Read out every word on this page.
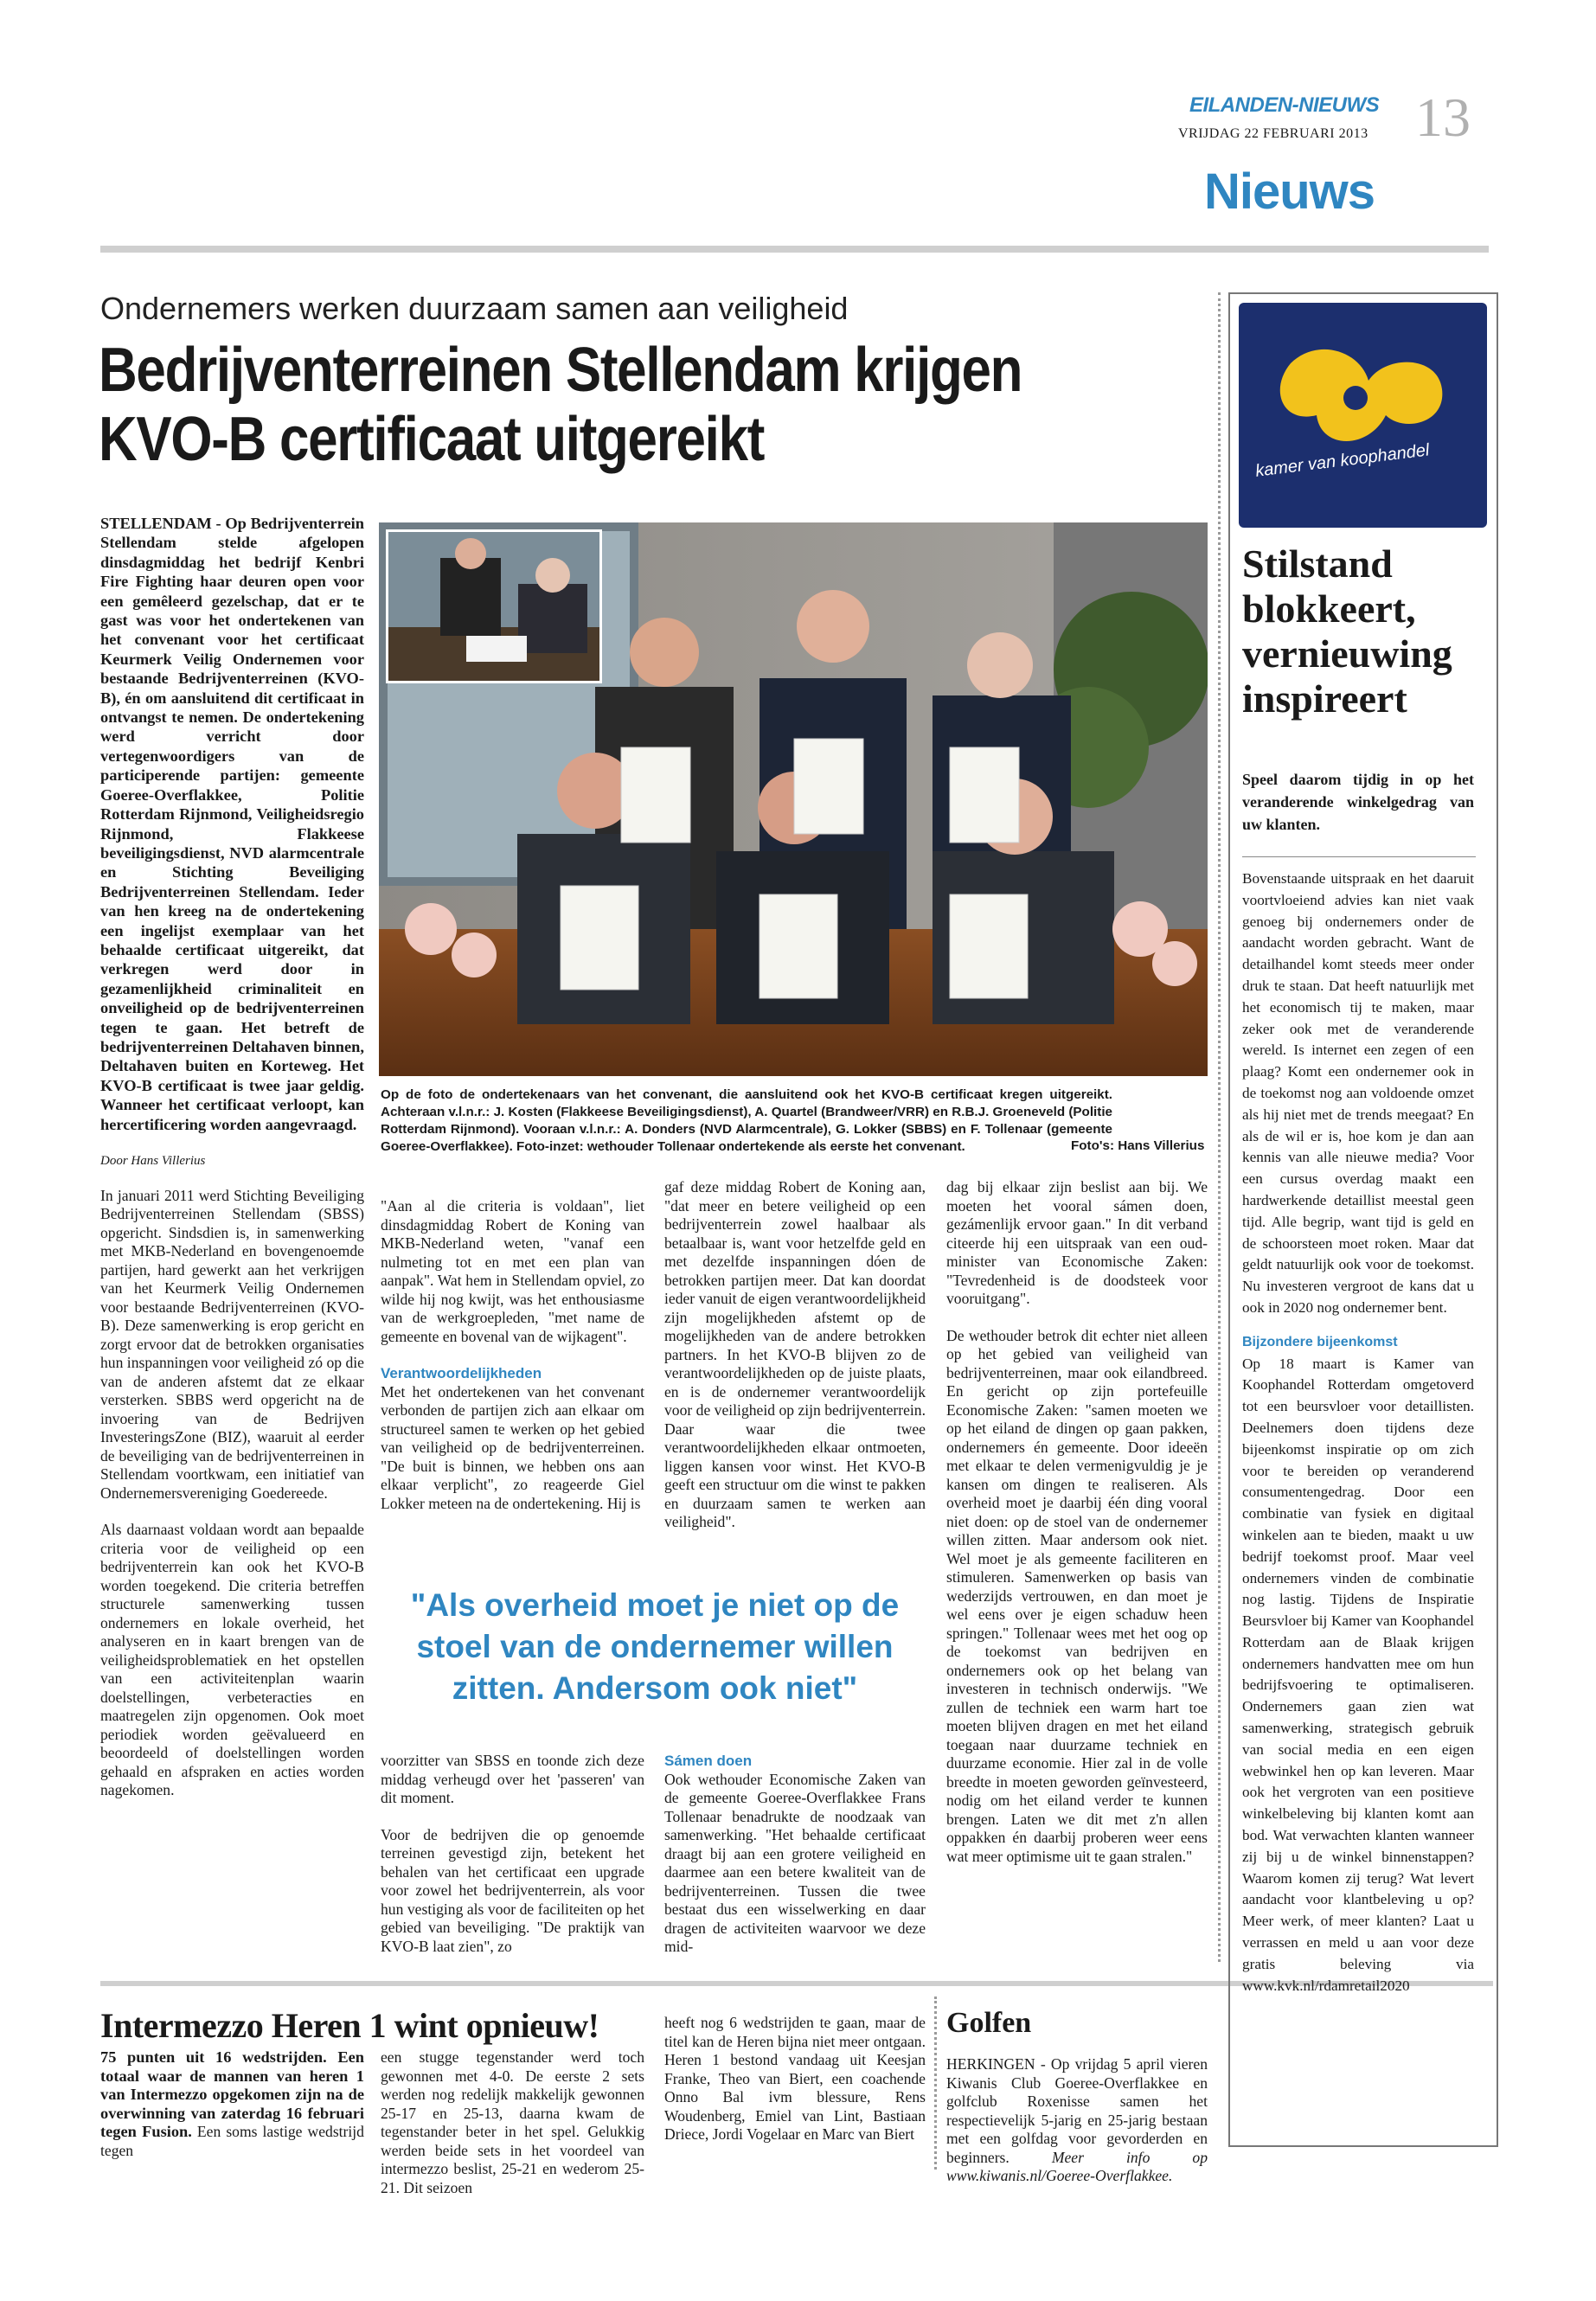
EILANDEN-NIEUWS
VRIJDAG 22 FEBRUARI 2013 13
Nieuws
Ondernemers werken duurzaam samen aan veiligheid
Bedrijventerreinen Stellendam krijgen
KVO-B certificaat uitgereikt

STELLENDAM - Op Bedrijventerrein Stellendam stelde afgelopen dinsdagmiddag het bedrijf Kenbri Fire Fighting haar deuren open voor een gemêleerd gezelschap, dat er te gast was voor het ondertekenen van het convenant voor het certificaat Keurmerk Veilig Ondernemen voor bestaande Bedrijventerreinen (KVO-B), én om aansluitend dit certificaat in ontvangst te nemen. De ondertekening werd verricht door vertegenwoordigers van de participerende partijen: gemeente Goeree-Overflakkee, Politie Rotterdam Rijnmond, Veiligheidsregio Rijnmond, Flakkeese beveiligingsdienst, NVD alarmcentrale en Stichting Beveiliging Bedrijventerreinen Stellendam. Ieder van hen kreeg na de ondertekening een ingelijst exemplaar van het behaalde certificaat uitgereikt, dat verkregen werd door in gezamenlijkheid criminaliteit en onveiligheid op de bedrijventerreinen tegen te gaan. Het betreft de bedrijventerreinen Deltahaven binnen, Deltahaven buiten en Korteweg. Het KVO-B certificaat is twee jaar geldig. Wanneer het certificaat verloopt, kan hercertificering worden aangevraagd.

Door Hans Villerius

In januari 2011 werd Stichting Beveiliging Bedrijventerreinen Stellendam (SBSS) opgericht. Sindsdien is, in samenwerking met MKB-Nederland en bovengenoemde partijen, hard gewerkt aan het verkrijgen van het Keurmerk Veilig Ondernemen voor bestaande Bedrijventerreinen (KVO-B). Deze samenwerking is erop gericht en zorgt ervoor dat de betrokken organisaties hun inspanningen voor veiligheid zó op die van de anderen afstemt dat ze elkaar versterken. SBBS werd opgericht na de invoering van de Bedrijven InvesteringsZone (BIZ), waaruit al eerder de beveiliging van de bedrijventerreinen in Stellendam voortkwam, een initiatief van Ondernemersvereniging Goedereede.

Als daarnaast voldaan wordt aan bepaalde criteria voor de veiligheid op een bedrijventerrein kan ook het KVO-B worden toegekend. Die criteria betreffen structurele samenwerking tussen ondernemers en lokale overheid, het analyseren en in kaart brengen van de veiligheidsproblematiek en het opstellen van een activiteitenplan waarin doelstellingen, verbeteracties en maatregelen zijn opgenomen. Ook moet periodiek worden geëvalueerd en beoordeeld of doelstellingen worden gehaald en afspraken en acties worden nagekomen.

Op de foto de ondertekenaars van het convenant, die aansluitend ook het KVO-B certificaat kregen uitgereikt. Achteraan v.l.n.r.: J. Kosten (Flakkeese Beveiligingsdienst), A. Quartel (Brandweer/VRR) en R.B.J. Groeneveld (Politie Rotterdam Rijnmond). Vooraan v.l.n.r.: A. Donders (NVD Alarmcentrale), G. Lokker (SBBS) en F. Tollenaar (gemeente Goeree-Overflakkee). Foto-inzet: wethouder Tollenaar ondertekende als eerste het convenant.	Foto's: Hans Villerius

"Aan al die criteria is voldaan", liet dinsdagmiddag Robert de Koning van MKB-Nederland weten, "vanaf een nulmeting tot en met een plan van aanpak". Wat hem in Stellendam opviel, zo wilde hij nog kwijt, was het enthousiasme van de werkgroepleden, "met name de gemeente en bovenal van de wijkagent".

Verantwoordelijkheden

Met het ondertekenen van het convenant verbonden de partijen zich aan elkaar om structureel samen te werken op het gebied van veiligheid op de bedrijventerreinen. "De buit is binnen, we hebben ons aan elkaar verplicht", zo reageerde Giel Lokker meteen na de ondertekening. Hij is

voorzitter van SBSS en toonde zich deze middag verheugd over het 'passeren' van dit moment.

Voor de bedrijven die op genoemde terreinen gevestigd zijn, betekent het behalen van het certificaat een upgrade voor zowel het bedrijventerrein, als voor hun vestiging als voor de faciliteiten op het gebied van beveiliging. "De praktijk van KVO-B laat zien", zo

gaf deze middag Robert de Koning aan, "dat meer en betere veiligheid op een bedrijventerrein zowel haalbaar als betaalbaar is, want voor hetzelfde geld en met dezelfde inspanningen dóen de betrokken partijen meer. Dat kan doordat ieder vanuit de eigen verantwoordelijkheid zijn mogelijkheden afstemt op de mogelijkheden van de andere betrokken partners. In het KVO-B blijven zo de verantwoordelijkheden op de juiste plaats, en is de ondernemer verantwoordelijk voor de veiligheid op zijn bedrijventerrein. Daar waar die twee verantwoordelijkheden elkaar ontmoeten, liggen kansen voor winst. Het KVO-B geeft een structuur om die winst te pakken en duurzaam samen te werken aan veiligheid".

Sámen doen

Ook wethouder Economische Zaken van de gemeente Goeree-Overflakkee Frans Tollenaar benadrukte de noodzaak van samenwerking. "Het behaalde certificaat draagt bij aan een grotere veiligheid en daarmee aan een betere kwaliteit van de bedrijventerreinen. Tussen die twee bestaat dus een wisselwerking en daar dragen de activiteiten waarvoor we deze mid-

dag bij elkaar zijn beslist aan bij. We moeten het vooral sámen doen, gezámenlijk ervoor gaan." In dit verband citeerde hij een uitspraak van een oud-minister van Economische Zaken: "Tevredenheid is de doodsteek voor vooruitgang".

De wethouder betrok dit echter niet alleen op het gebied van veiligheid van bedrijventerreinen, maar ook eilandbreed. En gericht op zijn portefeuille Economische Zaken: "samen moeten we op het eiland de dingen op gaan pakken, ondernemers én gemeente. Door ideeën met elkaar te delen vermenigvuldig je je kansen om dingen te realiseren. Als overheid moet je daarbij één ding vooral niet doen: op de stoel van de ondernemer willen zitten. Maar andersom ook niet. Wel moet je als gemeente faciliteren en stimuleren. Samenwerken op basis van wederzijds vertrouwen, en dan moet je wel eens over je eigen schaduw heen springen." Tollenaar wees met het oog op de toekomst van bedrijven en ondernemers ook op het belang van investeren in technisch onderwijs. "We zullen de techniek een warm hart toe moeten blijven dragen en met het eiland toegaan naar duurzame techniek en duurzame economie. Hier zal in de volle breedte in moeten geworden geïnvesteerd, nodig om het eiland verder te kunnen brengen. Laten we dit met z'n allen oppakken én daarbij proberen weer eens wat meer optimisme uit te gaan stralen."

"Als overheid moet je niet op de stoel van de ondernemer willen zitten. Andersom ook niet"
kamer van koophandel
Stilstand blokkeert, vernieuwing inspireert
Speel daarom tijdig in op het veranderende winkelgedrag van uw klanten.

Bovenstaande uitspraak en het daaruit voortvloeiend advies kan niet vaak genoeg bij ondernemers onder de aandacht worden gebracht. Want de detailhandel komt steeds meer onder druk te staan. Dat heeft natuurlijk met het economisch tij te maken, maar zeker ook met de veranderende wereld. Is internet een zegen of een plaag? Komt een ondernemer ook in de toekomst nog aan voldoende omzet als hij niet met de trends meegaat? En als de wil er is, hoe kom je dan aan kennis van alle nieuwe media? Voor een cursus overdag maakt een hardwerkende detaillist meestal geen tijd. Alle begrip, want tijd is geld en de schoorsteen moet roken. Maar dat geldt natuurlijk ook voor de toekomst. Nu investeren vergroot de kans dat u ook in 2020 nog ondernemer bent.

Bijzondere bijeenkomst

Op 18 maart is Kamer van Koophandel Rotterdam omgetoverd tot een beursvloer voor detaillisten. Deelnemers doen tijdens deze bijeenkomst inspiratie op om zich voor te bereiden op veranderend consumentengedrag. Door een combinatie van fysiek en digitaal winkelen aan te bieden, maakt u uw bedrijf toekomst proof. Maar veel ondernemers vinden de combinatie nog lastig. Tijdens de Inspiratie Beursvloer bij Kamer van Koophandel Rotterdam aan de Blaak krijgen ondernemers handvatten mee om hun bedrijfsvoering te optimaliseren. Ondernemers gaan zien wat samenwerking, strategisch gebruik van social media en een eigen webwinkel hen op kan leveren. Maar ook het vergroten van een positieve winkelbeleving bij klanten komt aan bod. Wat verwachten klanten wanneer zij bij u de winkel binnenstappen? Waarom komen zij terug? Wat levert aandacht voor klantbeleving u op? Meer werk, of meer klanten? Laat u verrassen en meld u aan voor deze gratis beleving via www.kvk.nl/rdamretail2020

Intermezzo Heren 1 wint opnieuw!
75 punten uit 16 wedstrijden. Een totaal waar de mannen van heren 1 van Intermezzo opgekomen zijn na de overwinning van zaterdag 16 februari tegen Fusion. Een soms lastige wedstrijd tegen
een stugge tegenstander werd toch gewonnen met 4-0. De eerste 2 sets werden nog redelijk makkelijk gewonnen 25-17 en 25-13, daarna kwam de tegenstander beter in het spel. Gelukkig werden beide sets in het voordeel van intermezzo beslist, 25-21 en wederom 25-21. Dit seizoen
heeft nog 6 wedstrijden te gaan, maar de titel kan de Heren bijna niet meer ontgaan. Heren 1 bestond vandaag uit Keesjan Franke, Theo van Biert, een coachende Onno Bal ivm blessure, Rens Woudenberg, Emiel van Lint, Bastiaan Driece, Jordi Vogelaar en Marc van Biert
Golfen
HERKINGEN - Op vrijdag 5 april vieren Kiwanis Club Goeree-Overflakkee en golfclub Roxenisse samen het respectievelijk 5-jarig en 25-jarig bestaan met een golfdag voor gevorderden en beginners.	Meer info op www.kiwanis.nl/Goeree-Overflakkee.
